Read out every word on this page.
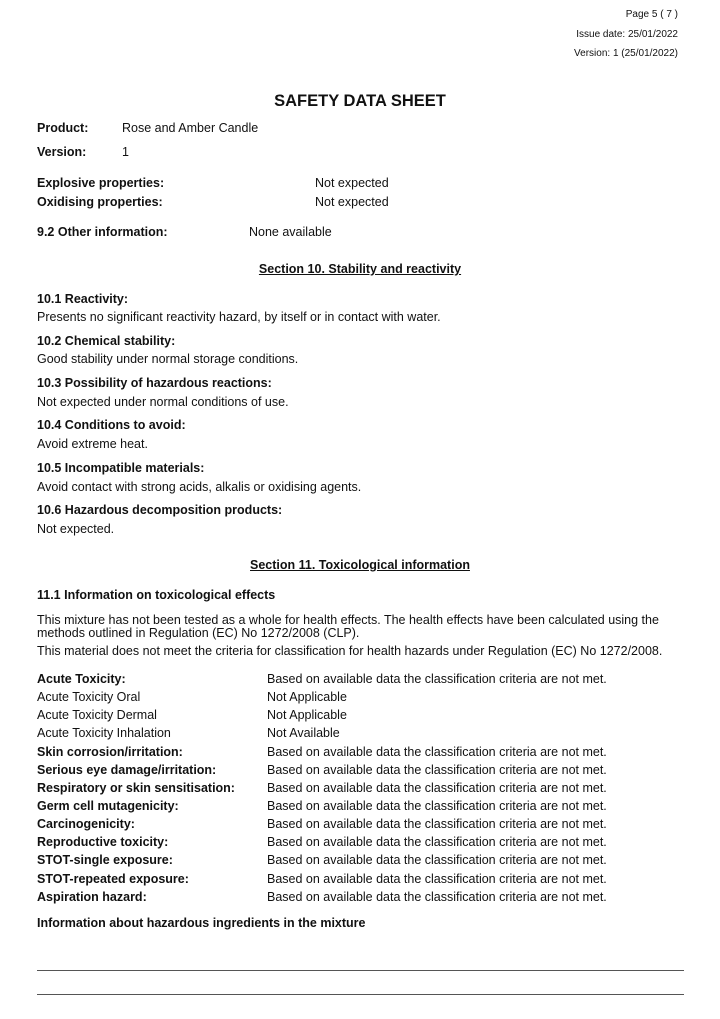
Page 5 ( 7 )
Issue date: 25/01/2022
Version: 1 (25/01/2022)
SAFETY DATA SHEET
Product:	Rose and Amber Candle
Version:	1
Explosive properties:	Not expected
Oxidising properties:	Not expected
9.2 Other information:	None available
Section 10. Stability and reactivity
10.1 Reactivity:
Presents no significant reactivity hazard, by itself or in contact with water.
10.2 Chemical stability:
Good stability under normal storage conditions.
10.3 Possibility of hazardous reactions:
Not expected under normal conditions of use.
10.4 Conditions to avoid:
Avoid extreme heat.
10.5 Incompatible materials:
Avoid contact with strong acids, alkalis or oxidising agents.
10.6 Hazardous decomposition products:
Not expected.
Section 11. Toxicological information
11.1 Information on toxicological effects
This mixture has not been tested as a whole for health effects. The health effects have been calculated using the methods outlined in Regulation (EC) No 1272/2008 (CLP).
This material does not meet the criteria for classification for health hazards under Regulation (EC) No 1272/2008.
Acute Toxicity:	Based on available data the classification criteria are not met.
Acute Toxicity Oral	Not Applicable
Acute Toxicity Dermal	Not Applicable
Acute Toxicity Inhalation	Not Available
Skin corrosion/irritation:	Based on available data the classification criteria are not met.
Serious eye damage/irritation:	Based on available data the classification criteria are not met.
Respiratory or skin sensitisation:	Based on available data the classification criteria are not met.
Germ cell mutagenicity:	Based on available data the classification criteria are not met.
Carcinogenicity:	Based on available data the classification criteria are not met.
Reproductive toxicity:	Based on available data the classification criteria are not met.
STOT-single exposure:	Based on available data the classification criteria are not met.
STOT-repeated exposure:	Based on available data the classification criteria are not met.
Aspiration hazard:	Based on available data the classification criteria are not met.
Information about hazardous ingredients in the mixture
